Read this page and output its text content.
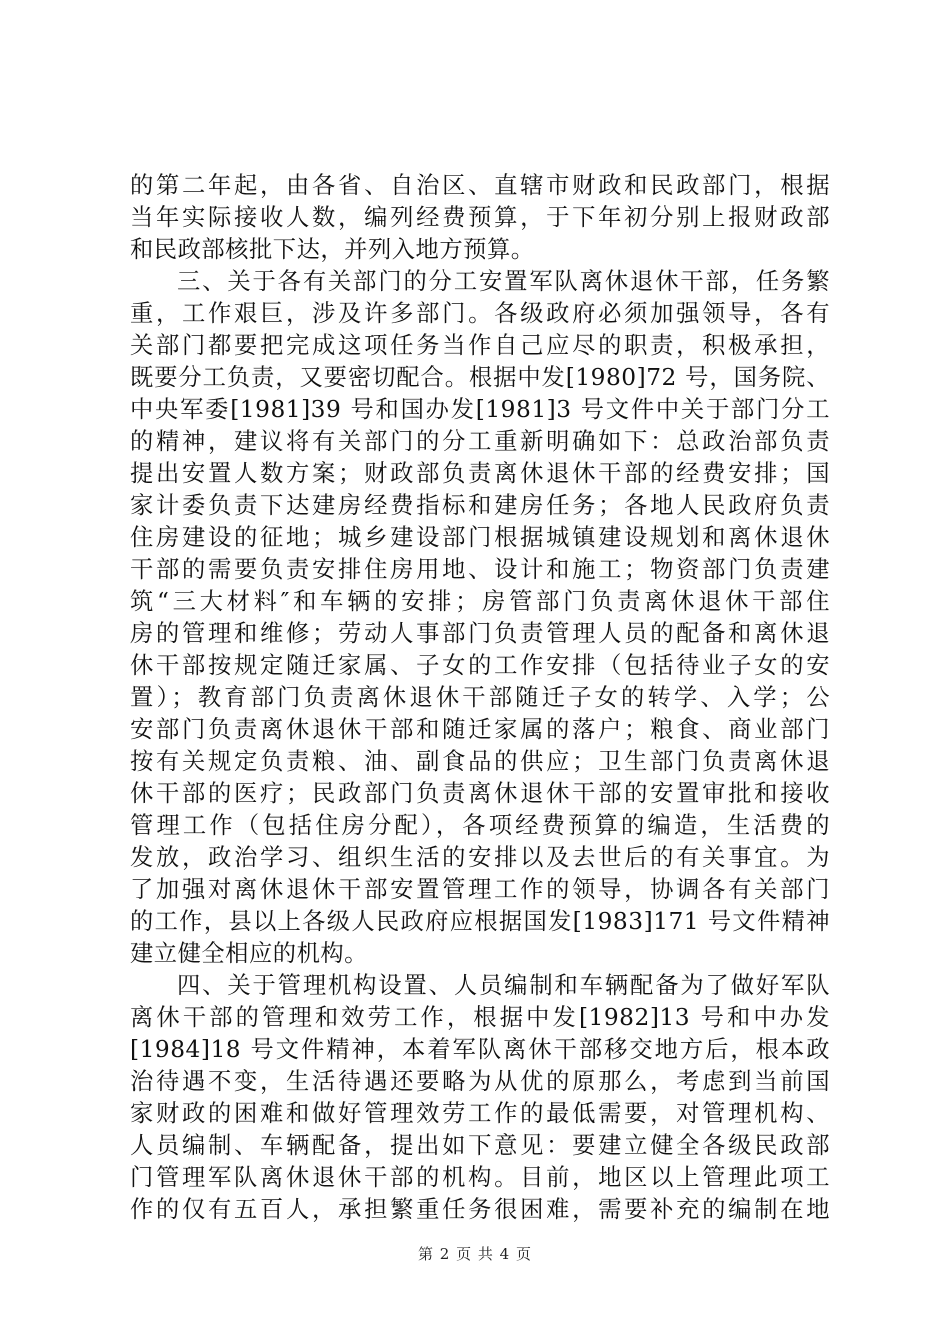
的第二年起，由各省、自治区、直辖市财政和民政部门，根据
当年实际接收人数，编列经费预算，于下年初分别上报财政部
和民政部核批下达，并列入地方预算。
三、关于各有关部门的分工安置军队离休退休干部，任务繁
重，工作艰巨，涉及许多部门。各级政府必须加强领导，各有
关部门都要把完成这项任务当作自己应尽的职责，积极承担，
既要分工负责，又要密切配合。根据中发[1980]72 号，国务院、
中央军委[1981]39 号和国办发[1981]3 号文件中关于部门分工
的精神，建议将有关部门的分工重新明确如下：总政治部负责
提出安置人数方案；财政部负责离休退休干部的经费安排；国
家计委负责下达建房经费指标和建房任务；各地人民政府负责
住房建设的征地；城乡建设部门根据城镇建设规划和离休退休
干部的需要负责安排住房用地、设计和施工；物资部门负责建
筑“三大材料″和车辆的安排；房管部门负责离休退休干部住
房的管理和维修；劳动人事部门负责管理人员的配备和离休退
休干部按规定随迁家属、子女的工作安排（包括待业子女的安
置）；教育部门负责离休退休干部随迁子女的转学、入学；公
安部门负责离休退休干部和随迁家属的落户；粮食、商业部门
按有关规定负责粮、油、副食品的供应；卫生部门负责离休退
休干部的医疗；民政部门负责离休退休干部的安置审批和接收
管理工作（包括住房分配），各项经费预算的编造，生活费的
发放，政治学习、组织生活的安排以及去世后的有关事宜。为
了加强对离休退休干部安置管理工作的领导，协调各有关部门
的工作，县以上各级人民政府应根据国发[1983]171 号文件精神
建立健全相应的机构。
四、关于管理机构设置、人员编制和车辆配备为了做好军队
离休干部的管理和效劳工作，根据中发[1982]13 号和中办发
[1984]18 号文件精神，本着军队离休干部移交地方后，根本政
治待遇不变，生活待遇还要略为从优的原那么，考虑到当前国
家财政的困难和做好管理效劳工作的最低需要，对管理机构、
人员编制、车辆配备，提出如下意见：要建立健全各级民政部
门管理军队离休退休干部的机构。目前，地区以上管理此项工
作的仅有五百人，承担繁重任务很困难，需要补充的编制在地
第 2 页 共 4 页
